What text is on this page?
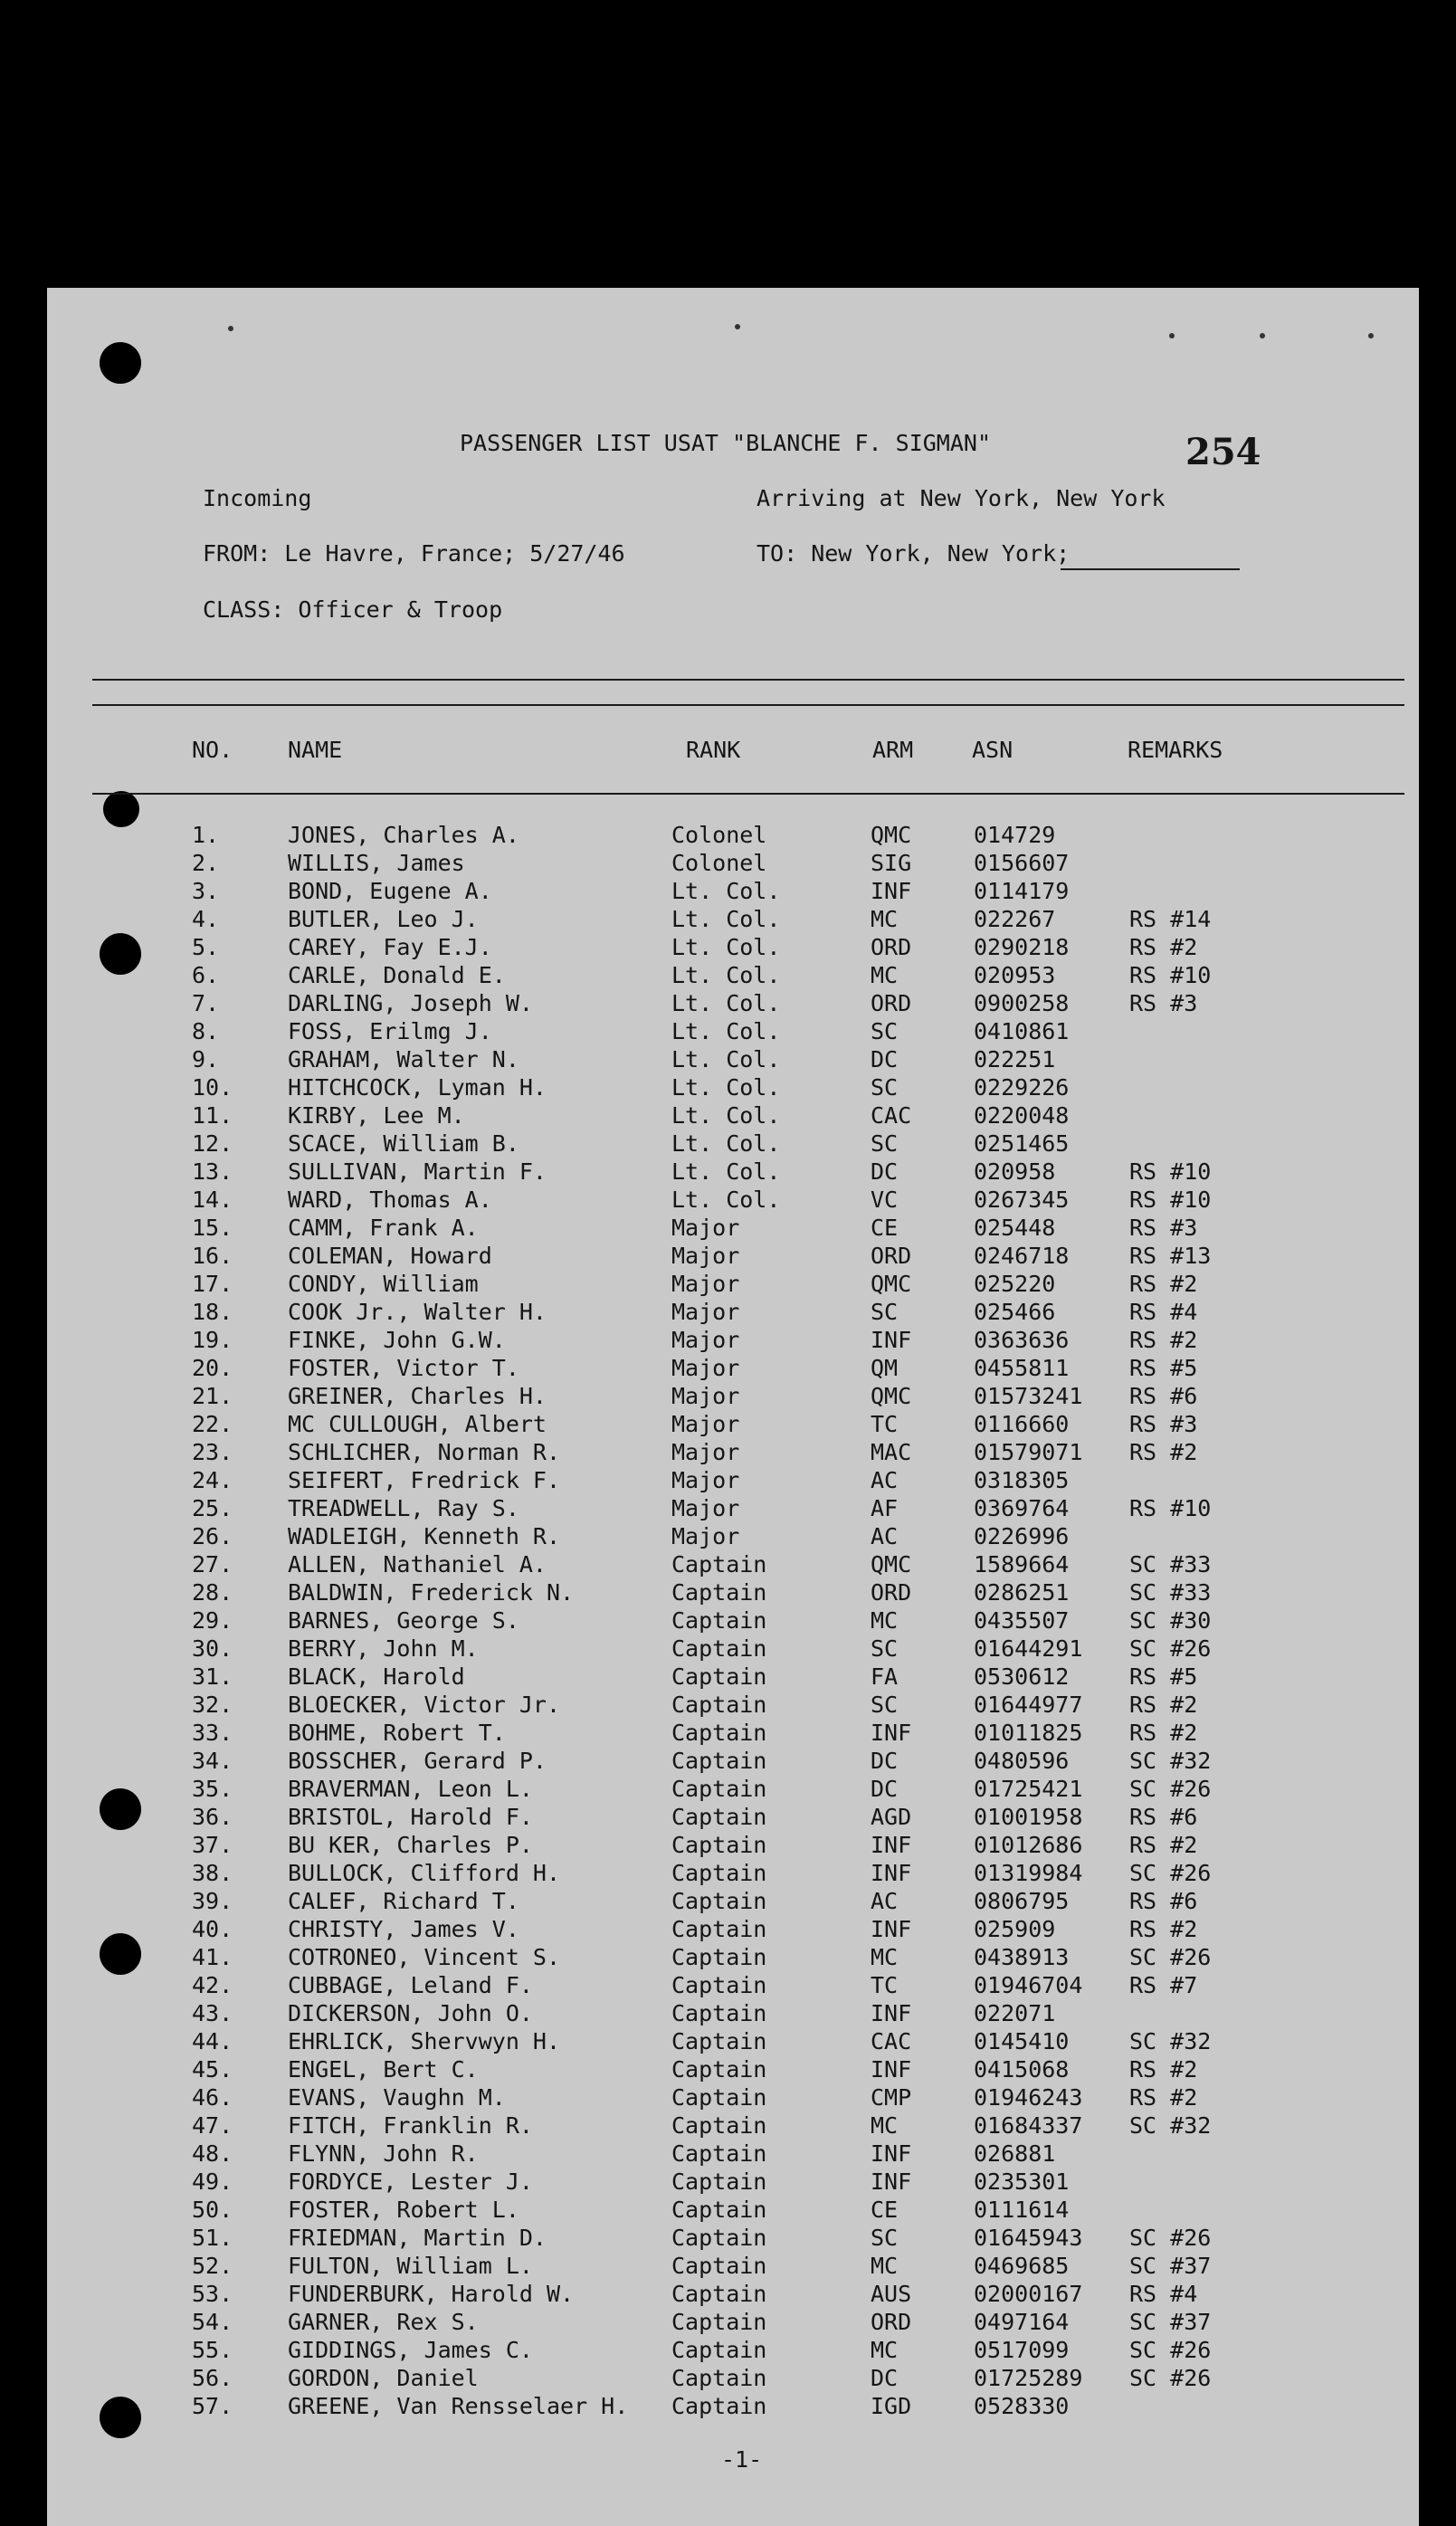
PASSENGER LIST USAT "BLANCHE F. SIGMAN"	254
Incoming	Arriving at New York, New York
FROM: Le Havre, France; 5/27/46	TO: New York, New York;
CLASS: Officer & Troop
NO. NAME	RANK	ARM	ASN	REMARKS
1.	JONES, Charles A.	Colonel	QMC	014729
2.	WILLIS, James	Colonel	SIG	0156607
3.	BOND, Eugene A.	Lt. Col.	INF	0114179
4.	BUTLER, Leo J.	Lt. Col.	MC	022267	RS #14
5.	CAREY, Fay E.J.	Lt. Col.	ORD	0290218	RS #2
6.	CARLE, Donald E.	Lt. Col.	MC	020953	RS #10
7.	DARLING, Joseph W.	Lt. Col.	ORD	0900258	RS #3
8.	FOSS, Erilmg J.	Lt. Col.	SC	0410861
9.	GRAHAM, Walter N.	Lt. Col.	DC	022251
10. HITCHCOCK, Lyman H.	Lt. Col.	SC	0229226
11. KIRBY, Lee M.	Lt. Col.	CAC	0220048
12. SCACE, William B.	Lt. Col.	SC	0251465
13. SULLIVAN, Martin F.	Lt. Col.	DC	020958	RS #10
14. WARD, Thomas A.	Lt. Col.	VC	0267345	RS #10
15. CAMM, Frank A.	Major	CE	025448	RS #3
16. COLEMAN, Howard	Major	ORD	0246718	RS #13
17. CONDY, William	Major	QMC	025220	RS #2
18. COOK Jr., Walter H.	Major	SC	025466	RS #4
19. FINKE, John G.W.	Major	INF	0363636	RS #2
20. FOSTER, Victor T.	Major	QM	0455811	RS #5
21. GREINER, Charles H.	Major	QMC	01573241 RS #6
22. MC CULLOUGH, Albert	Major	TC	0116660	RS #3
23. SCHLICHER, Norman R.	Major	MAC	01579071 RS #2
24. SEIFERT, Fredrick F.	Major	AC	0318305
25. TREADWELL, Ray S.	Major	AF	0369764	RS #10
26. WADLEIGH, Kenneth R.	Major	AC	0226996
27. ALLEN, Nathaniel A.	Captain	QMC	1589664	SC #33
28. BALDWIN, Frederick N.	Captain	ORD	0286251	SC #33
29. BARNES, George S.	Captain	MC	0435507	SC #30
30. BERRY, John M.	Captain	SC	01644291 SC #26
31. BLACK, Harold	Captain	FA	0530612	RS #5
32. BLOECKER, Victor Jr.	Captain	SC	01644977 RS #2
33. BOHME, Robert T.	Captain	INF	01011825 RS #2
34. BOSSCHER, Gerard P.	Captain	DC	0480596	SC #32
35. BRAVERMAN, Leon L.	Captain	DC	01725421 SC #26
36. BRISTOL, Harold F.	Captain	AGD	01001958 RS #6
37. BU KER, Charles P.	Captain	INF	01012686 RS #2
38. BULLOCK, Clifford H.	Captain	INF	01319984 SC #26
39. CALEF, Richard T.	Captain	AC	0806795	RS #6
40. CHRISTY, James V.	Captain	INF	025909	RS #2
41. COTRONEO, Vincent S.	Captain	MC	0438913	SC #26
42. CUBBAGE, Leland F.	Captain	TC	01946704 RS #7
43. DICKERSON, John O.	Captain	INF	022071
44. EHRLICK, Shervwyn H.	Captain	CAC	0145410	SC #32
45. ENGEL, Bert C.	Captain	INF	0415068	RS #2
46. EVANS, Vaughn M.	Captain	CMP	01946243 RS #2
47. FITCH, Franklin R.	Captain	MC	01684337 SC #32
48. FLYNN, John R.	Captain	INF	026881
49. FORDYCE, Lester J.	Captain	INF	0235301
50. FOSTER, Robert L.	Captain	CE	0111614
51. FRIEDMAN, Martin D.	Captain	SC	01645943 SC #26
52. FULTON, William L.	Captain	MC	0469685	SC #37
53. FUNDERBURK, Harold W.	Captain	AUS	02000167 RS #4
54. GARNER, Rex S.	Captain	ORD	0497164	SC #37
55. GIDDINGS, James C.	Captain	MC	0517099	SC #26
56. GORDON, Daniel	Captain	DC	01725289 SC #26
57. GREENE, Van Rensselaer H. Captain	IGD	0528330
-1-
